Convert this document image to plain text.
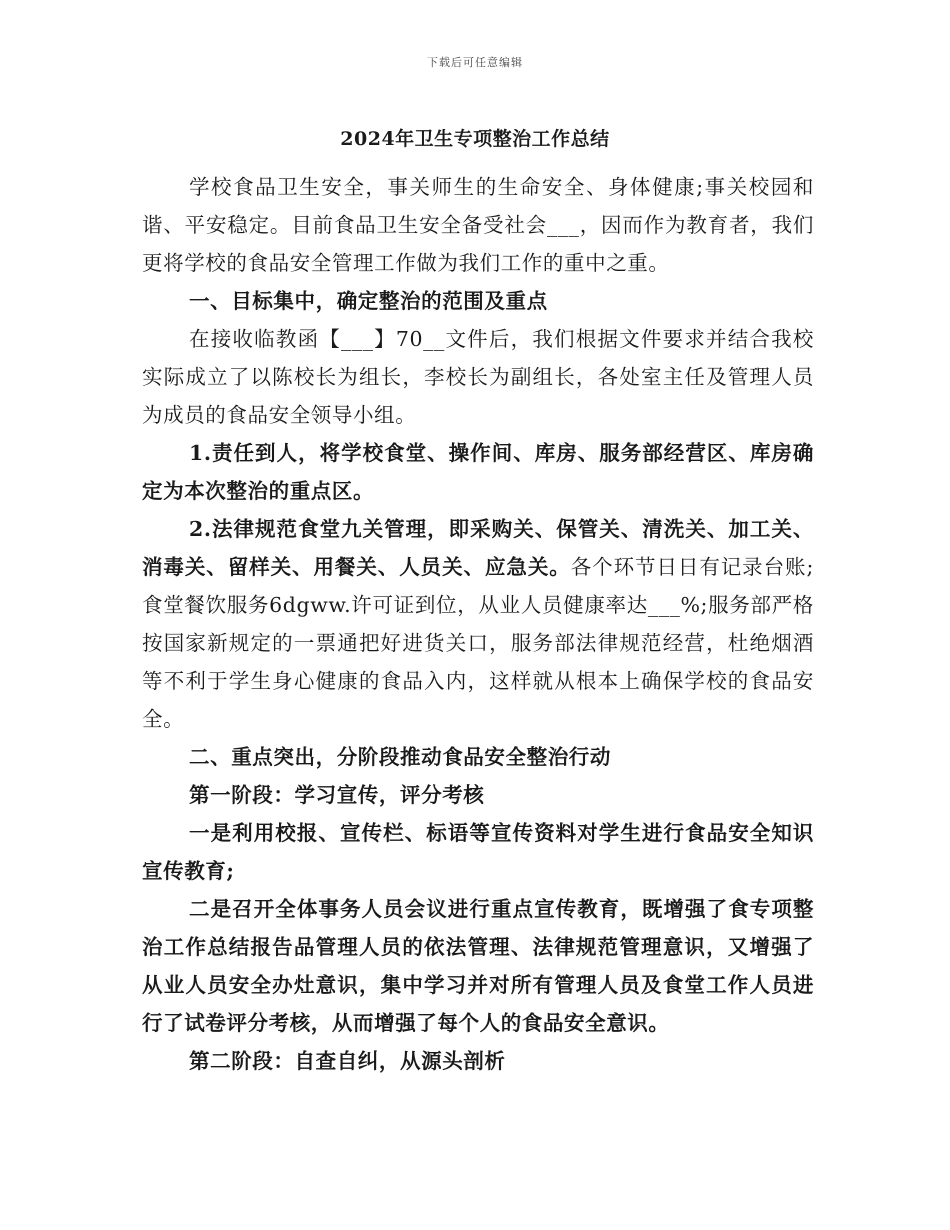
下载后可任意编辑
2024年卫生专项整治工作总结

学校食品卫生安全，事关师生的生命安全、身体健康;事关校园和谐、平安稳定。目前食品卫生安全备受社会___，因而作为教育者，我们更将学校的食品安全管理工作做为我们工作的重中之重。

一、目标集中，确定整治的范围及重点

在接收临教函【___】70__文件后，我们根据文件要求并结合我校实际成立了以陈校长为组长，李校长为副组长，各处室主任及管理人员为成员的食品安全领导小组。

1.责任到人，将学校食堂、操作间、库房、服务部经营区、库房确定为本次整治的重点区。

2.法律规范食堂九关管理，即采购关、保管关、清洗关、加工关、消毒关、留样关、用餐关、人员关、应急关。各个环节日日有记录台账;食堂餐饮服务6dgww.许可证到位，从业人员健康率达___%;服务部严格按国家新规定的一票通把好进货关口，服务部法律规范经营，杜绝烟酒等不利于学生身心健康的食品入内，这样就从根本上确保学校的食品安全。

二、重点突出，分阶段推动食品安全整治行动

第一阶段：学习宣传，评分考核

一是利用校报、宣传栏、标语等宣传资料对学生进行食品安全知识宣传教育;

二是召开全体事务人员会议进行重点宣传教育，既增强了食专项整治工作总结报告品管理人员的依法管理、法律规范管理意识，又增强了从业人员安全办灶意识，集中学习并对所有管理人员及食堂工作人员进行了试卷评分考核，从而增强了每个人的食品安全意识。

第二阶段：自查自纠，从源头剖析
